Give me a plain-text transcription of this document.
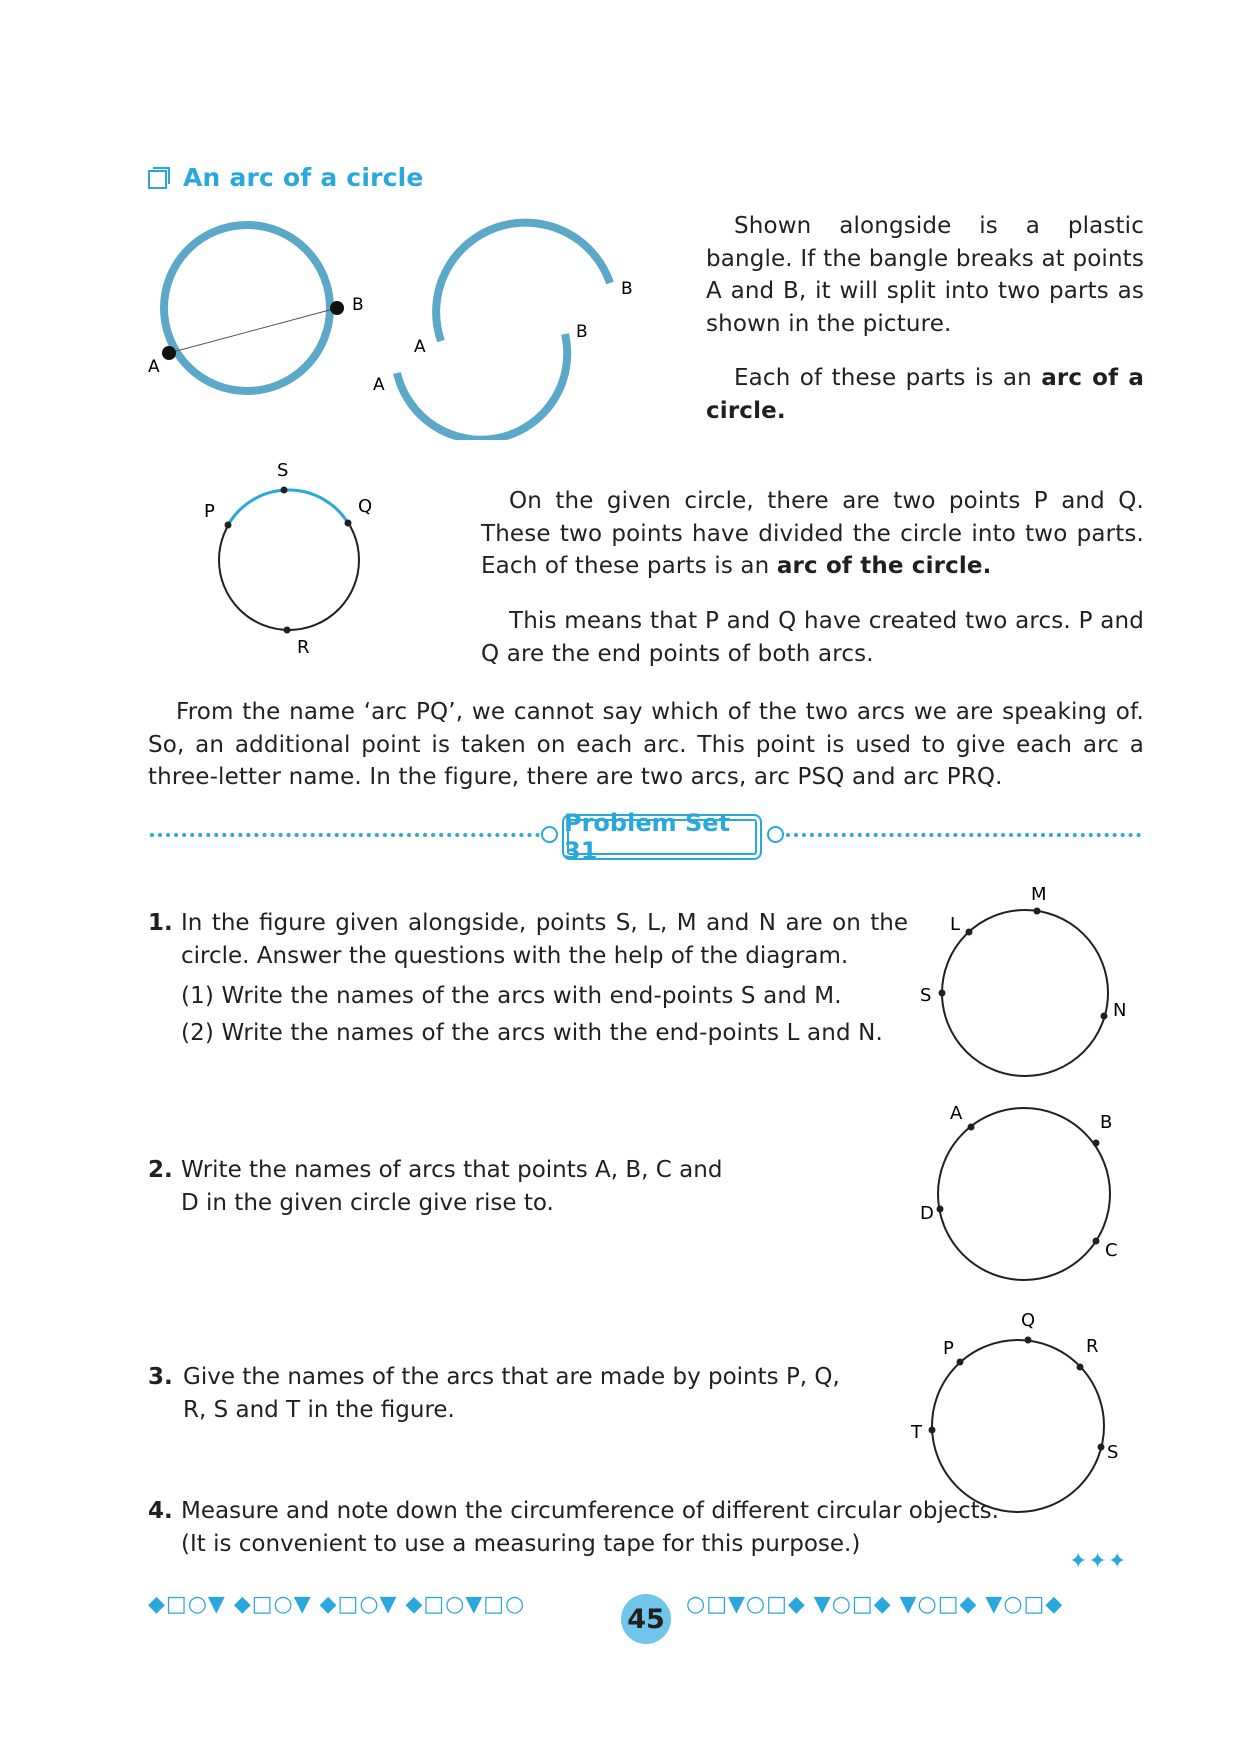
An arc of a circle
A
B
B
A
A
B
Shown alongside is a plastic bangle. If the bangle breaks at points A and B, it will split into two parts as shown in the picture.
Each of these parts is an arc of a circle.
S
P	Q
R
On the given circle, there are two points P and Q. These two points have divided the circle into two parts. Each of these parts is an arc of the circle.
This means that P and Q have created two arcs. P and Q are the end points of both arcs.
From the name ‘arc PQ’, we cannot say which of the two arcs we are speaking of. So, an additional point is taken on each arc. This point is used to give each arc a three-letter name. In the figure, there are two arcs, arc PSQ and arc PRQ.
Problem Set 31
1. In the figure given alongside, points S, L, M and N are on the circle. Answer the questions with the help of the diagram.
(1) Write the names of the arcs with end-points S and M.
(2) Write the names of the arcs with the end-points L and N.
M
L
S
N
2. Write the names of arcs that points A, B, C and D in the given circle give rise to.
A	B
D
C
3. Give the names of the arcs that are made by points P, Q, R, S and T in the figure.
Q
P	R
T
S
4. Measure and note down the circumference of different circular objects. (It is convenient to use a measuring tape for this purpose.)
✦✦✦
◆□○▼ ◆□○▼ ◆□○▼ ◆□○▼□○	45 ○□▼○□◆ ▼○□◆ ▼○□◆ ▼○□◆
